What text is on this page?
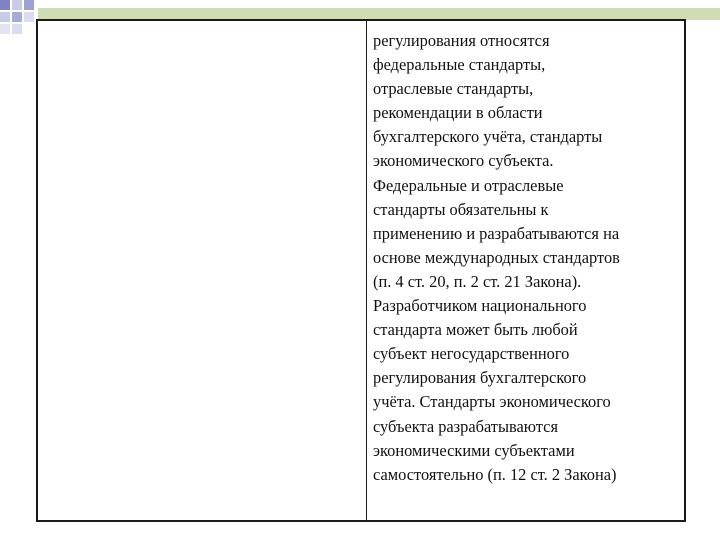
регулирования относятся
федеральные стандарты,
отраслевые стандарты,
рекомендации в области
бухгалтерского учёта, стандарты
экономического субъекта.
Федеральные и отраслевые
стандарты обязательны к
применению и разрабатываются на
основе международных стандартов
(п. 4 ст. 20, п. 2 ст. 21 Закона).
Разработчиком национального
стандарта может быть любой
субъект негосударственного
регулирования бухгалтерского
учёта. Стандарты экономического
субъекта разрабатываются
экономическими субъектами
самостоятельно (п. 12 ст. 2 Закона)
